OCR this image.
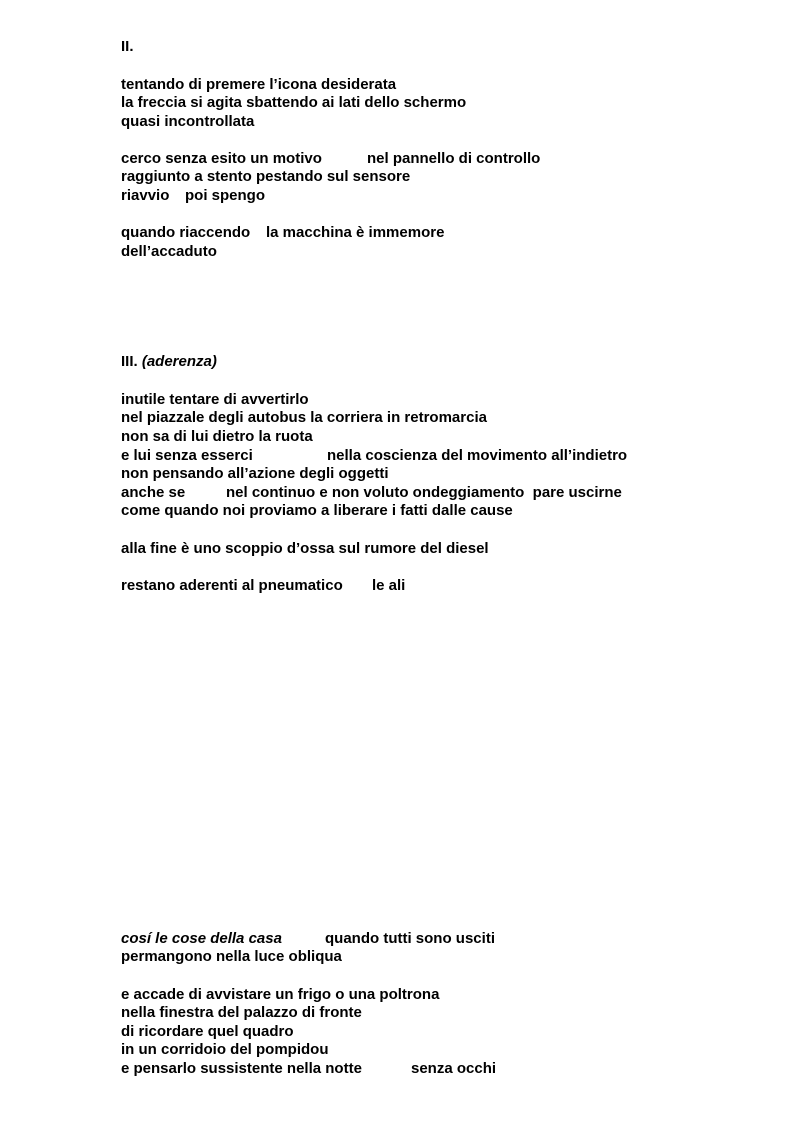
II.
tentando di premere l’icona desiderata
la freccia si agita sbattendo ai lati dello schermo
quasi incontrollata
cerco senza esito un motivo	nel pannello di controllo
raggiunto a stento pestando sul sensore
riavvio poi spengo
quando riaccendo la macchina è immemore
dell’accaduto
III. (aderenza)
inutile tentare di avvertirlo
nel piazzale degli autobus la corriera in retromarcia
non sa di lui dietro la ruota
e lui senza esserci	nella coscienza del movimento all’indietro
non pensando all’azione degli oggetti
anche se	nel continuo e non voluto ondeggiamento  pare uscirne
come quando noi proviamo a liberare i fatti dalle cause
alla fine è uno scoppio d’ossa sul rumore del diesel
restano aderenti al pneumatico le ali
cosí le cose della casa	quando tutti sono usciti
permangono nella luce obliqua
e accade di avvistare un frigo o una poltrona
nella finestra del palazzo di fronte
di ricordare quel quadro
in un corridoio del pompidou
e pensarlo sussistente nella notte	senza occhi
